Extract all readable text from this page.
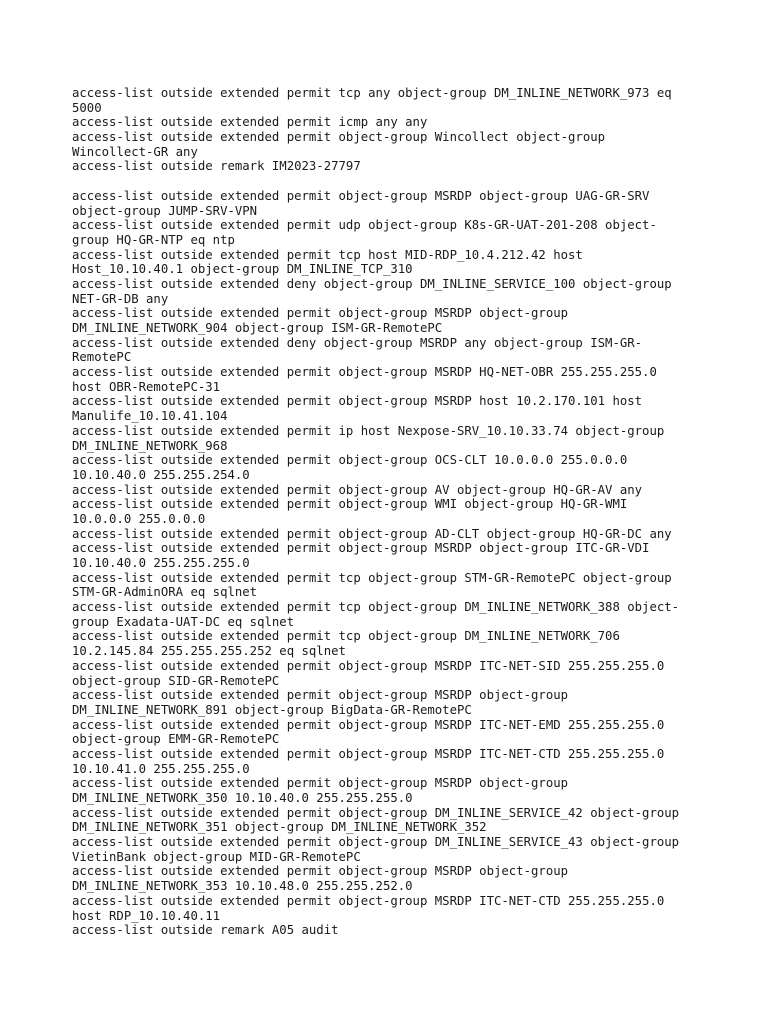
access-list outside extended permit tcp any object-group DM_INLINE_NETWORK_973 eq
5000
access-list outside extended permit icmp any any
access-list outside extended permit object-group Wincollect object-group
Wincollect-GR any
access-list outside remark IM2023-27797
access-list outside extended permit object-group MSRDP object-group UAG-GR-SRV
object-group JUMP-SRV-VPN
access-list outside extended permit udp object-group K8s-GR-UAT-201-208 object-
group HQ-GR-NTP eq ntp
access-list outside extended permit tcp host MID-RDP_10.4.212.42 host
Host_10.10.40.1 object-group DM_INLINE_TCP_310
access-list outside extended deny object-group DM_INLINE_SERVICE_100 object-group
NET-GR-DB any
access-list outside extended permit object-group MSRDP object-group
DM_INLINE_NETWORK_904 object-group ISM-GR-RemotePC
access-list outside extended deny object-group MSRDP any object-group ISM-GR-
RemotePC
access-list outside extended permit object-group MSRDP HQ-NET-OBR 255.255.255.0
host OBR-RemotePC-31
access-list outside extended permit object-group MSRDP host 10.2.170.101 host
Manulife_10.10.41.104
access-list outside extended permit ip host Nexpose-SRV_10.10.33.74 object-group
DM_INLINE_NETWORK_968
access-list outside extended permit object-group OCS-CLT 10.0.0.0 255.0.0.0
10.10.40.0 255.255.254.0
access-list outside extended permit object-group AV object-group HQ-GR-AV any
access-list outside extended permit object-group WMI object-group HQ-GR-WMI
10.0.0.0 255.0.0.0
access-list outside extended permit object-group AD-CLT object-group HQ-GR-DC any
access-list outside extended permit object-group MSRDP object-group ITC-GR-VDI
10.10.40.0 255.255.255.0
access-list outside extended permit tcp object-group STM-GR-RemotePC object-group
STM-GR-AdminORA eq sqlnet
access-list outside extended permit tcp object-group DM_INLINE_NETWORK_388 object-
group Exadata-UAT-DC eq sqlnet
access-list outside extended permit tcp object-group DM_INLINE_NETWORK_706
10.2.145.84 255.255.255.252 eq sqlnet
access-list outside extended permit object-group MSRDP ITC-NET-SID 255.255.255.0
object-group SID-GR-RemotePC
access-list outside extended permit object-group MSRDP object-group
DM_INLINE_NETWORK_891 object-group BigData-GR-RemotePC
access-list outside extended permit object-group MSRDP ITC-NET-EMD 255.255.255.0
object-group EMM-GR-RemotePC
access-list outside extended permit object-group MSRDP ITC-NET-CTD 255.255.255.0
10.10.41.0 255.255.255.0
access-list outside extended permit object-group MSRDP object-group
DM_INLINE_NETWORK_350 10.10.40.0 255.255.255.0
access-list outside extended permit object-group DM_INLINE_SERVICE_42 object-group
DM_INLINE_NETWORK_351 object-group DM_INLINE_NETWORK_352
access-list outside extended permit object-group DM_INLINE_SERVICE_43 object-group
VietinBank object-group MID-GR-RemotePC
access-list outside extended permit object-group MSRDP object-group
DM_INLINE_NETWORK_353 10.10.48.0 255.255.252.0
access-list outside extended permit object-group MSRDP ITC-NET-CTD 255.255.255.0
host RDP_10.10.40.11
access-list outside remark A05 audit
